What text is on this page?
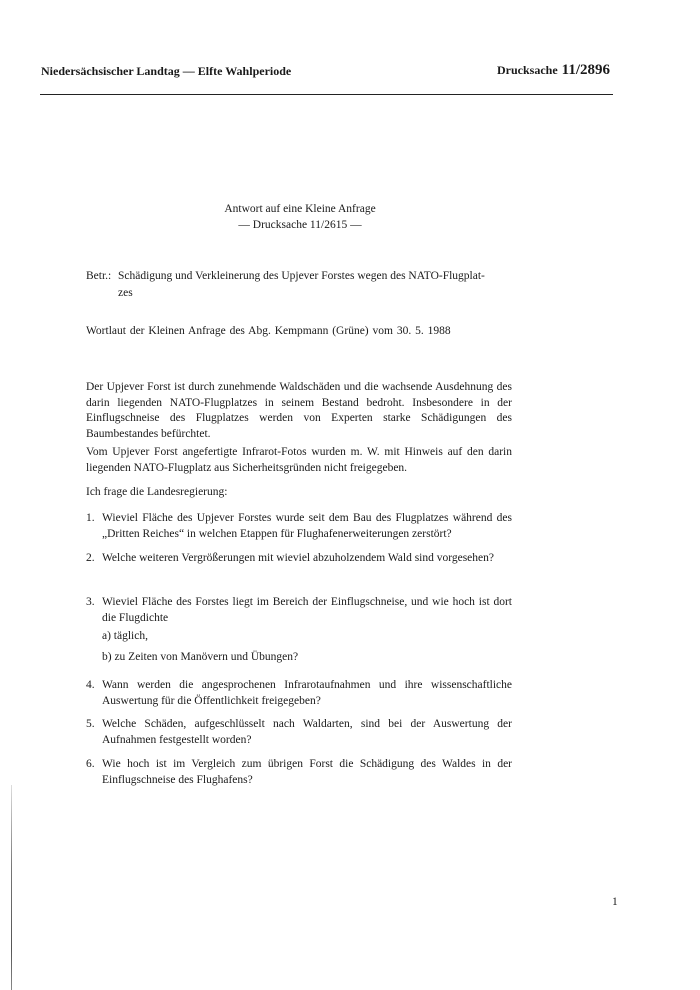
Niedersächsischer Landtag — Elfte Wahlperiode	Drucksache 11/2896
Antwort auf eine Kleine Anfrage
— Drucksache 11/2615 —
Betr.: Schädigung und Verkleinerung des Upjever Forstes wegen des NATO-Flugplat-
zes
Wortlaut der Kleinen Anfrage des Abg. Kempmann (Grüne) vom 30. 5. 1988
Der Upjever Forst ist durch zunehmende Waldschäden und die wachsende Ausdehnung des darin liegenden NATO-Flugplatzes in seinem Bestand bedroht. Insbesondere in der Einflugschneise des Flugplatzes werden von Experten starke Schädigungen des Baumbestandes befürchtet.
Vom Upjever Forst angefertigte Infrarot-Fotos wurden m. W. mit Hinweis auf den darin liegenden NATO-Flugplatz aus Sicherheitsgründen nicht freigegeben.
Ich frage die Landesregierung:
1. Wieviel Fläche des Upjever Forstes wurde seit dem Bau des Flugplatzes während des „Dritten Reiches“ in welchen Etappen für Flughafenerweiterungen zerstört?
2. Welche weiteren Vergrößerungen mit wieviel abzuholzendem Wald sind vorgesehen?
3. Wieviel Fläche des Forstes liegt im Bereich der Einflugschneise, und wie hoch ist dort die Flugdichte
a) täglich,
b) zu Zeiten von Manövern und Übungen?
4. Wann werden die angesprochenen Infrarotaufnahmen und ihre wissenschaftliche Auswertung für die Öffentlichkeit freigegeben?
5. Welche Schäden, aufgeschlüsselt nach Waldarten, sind bei der Auswertung der Aufnahmen festgestellt worden?
6. Wie hoch ist im Vergleich zum übrigen Forst die Schädigung des Waldes in der Einflugschneise des Flughafens?
1
